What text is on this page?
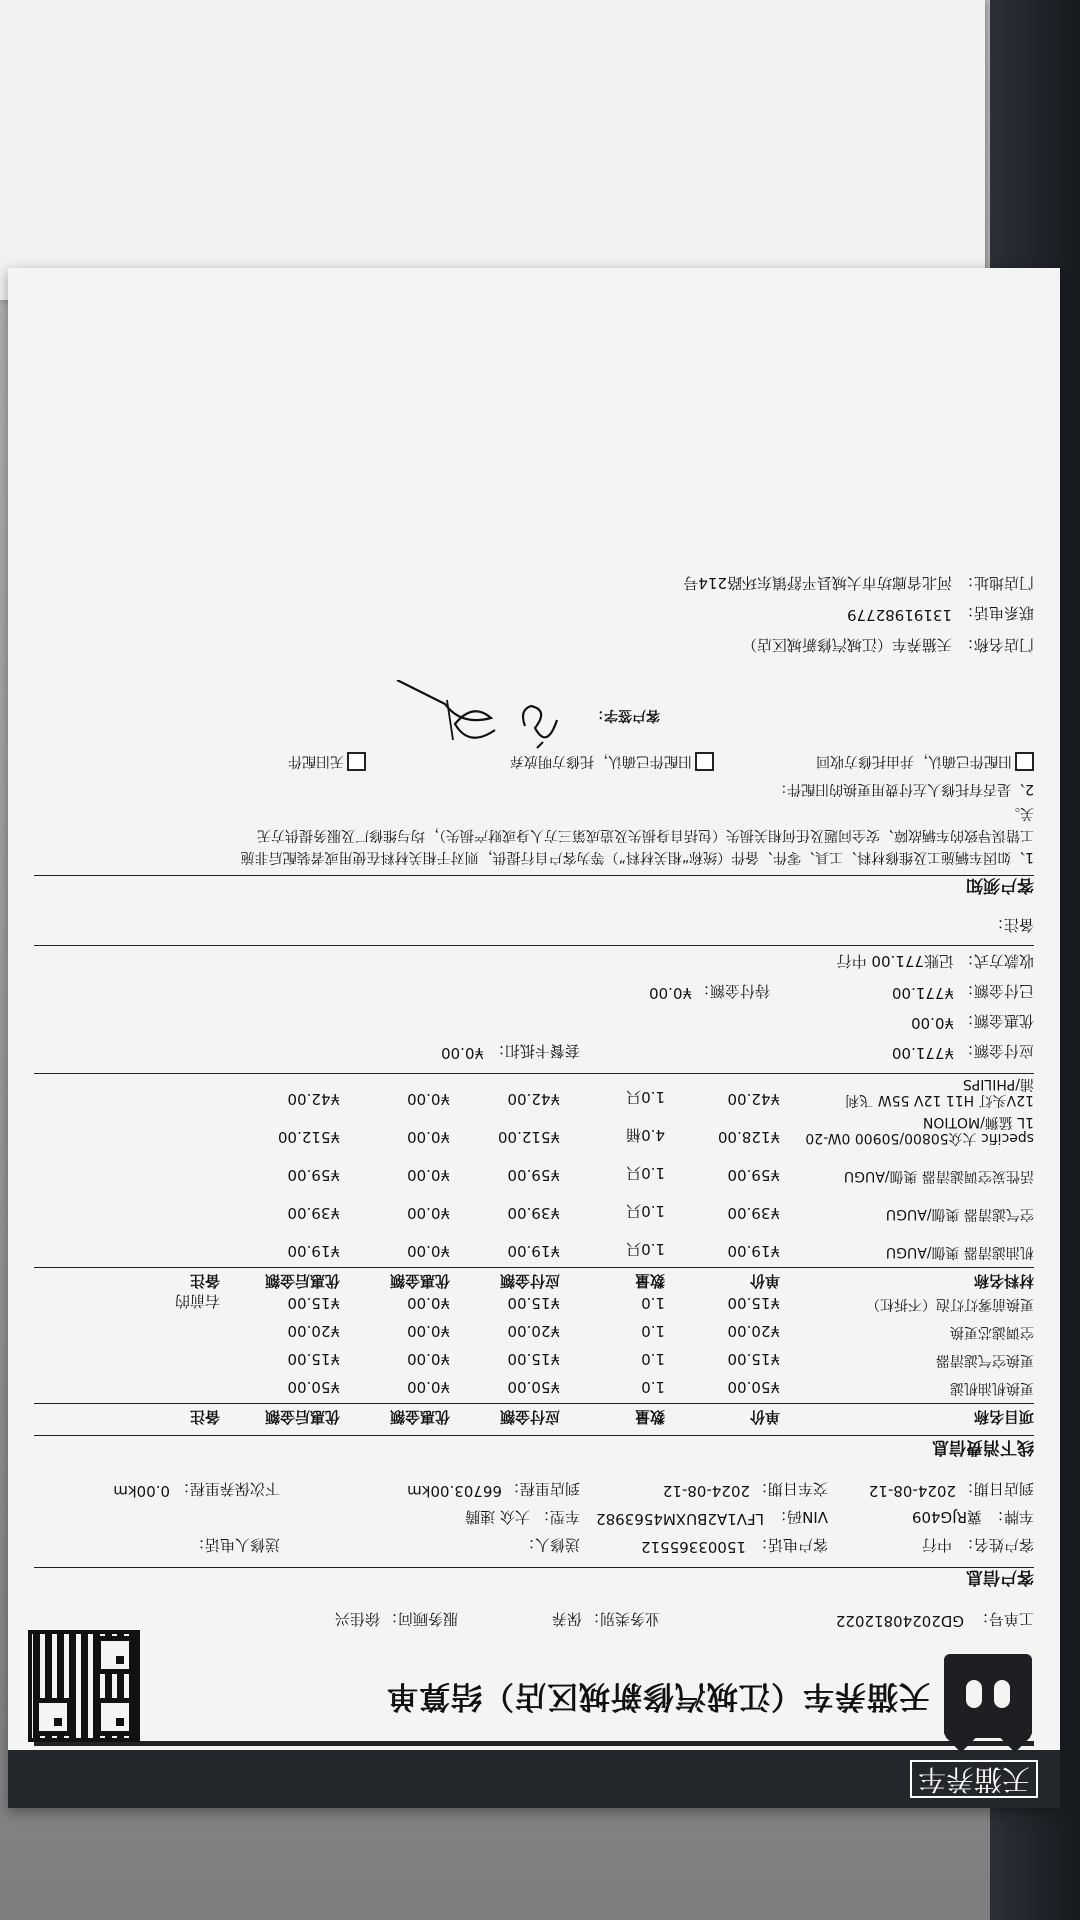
天猫养车
天猫养车（江城汽修新城区店）结算单
工单号：
GD20240812022
业务类别：
保养
服务顾问：
徐佳兴
客户信息
客户姓名：
中行
客户电话：
15003365512
送修人：
送修人电话：
车牌：
冀RJG409
VIN码：
LFV1A2BUXM4563982
车型：
大众 速腾
到店日期：
2024-08-12
交车日期：
2024-08-12
到店里程：
66703.00km
下次保养里程：
0.00km
线下消费信息
项目名称
单价
数量
应付金额
优惠金额
优惠后金额
备注
更换机油机滤
¥50.00
1.0
¥50.00
¥0.00
¥50.00
更换空气滤清器
¥15.00
1.0
¥15.00
¥0.00
¥15.00
空调滤芯更换
¥20.00
1.0
¥20.00
¥0.00
¥20.00
更换前雾灯灯泡（不拆杠）
¥15.00
1.0
¥15.00
¥0.00
¥15.00
右前的
材料名称
单价
数量
应付金额
优惠金额
优惠后金额
备注
机油滤清器 奥伽/AUGU
¥19.00
1.0只
¥19.00
¥0.00
¥19.00
空气滤清器 奥伽/AUGU
¥39.00
1.0只
¥39.00
¥0.00
¥39.00
活性炭空调滤清器 奥伽/AUGU
¥59.00
1.0只
¥59.00
¥0.00
¥59.00
specific 大众50800/50900 0W-20 1L 猛狮/MOTION
¥128.00
4.0桶
¥512.00
¥0.00
¥512.00
12V头灯 H11 12V 55W 飞利浦/PHILIPS
¥42.00
1.0只
¥42.00
¥0.00
¥42.00
应付金额：
¥771.00
套餐卡抵扣：
¥0.00
优惠金额：
¥0.00
已付金额：
¥771.00
待付金额：
¥0.00
收款方式：
记账771.00 中行
备注：
客户须知
1、如因车辆施工及维修材料、工具、零件、备件（统称“相关材料”）等为客户自行提供，则对于相关材料在使用或者装配后非施
工错误导致的车辆故障、安全问题及任何相关损失（包括自身损失及造成第三方人身或财产损失），均与维修厂及服务提供方无
关。
2、是否有托修人左付费用更换的旧配件：
旧配件已确认，并由托修方收回
旧配件已确认，托修方明放弃
无旧配件
客户签字：
门店名称：
天猫养车（江城汽修新城区店）
联系电话：
13191982779
门店地址：
河北省廊坊市大城县平舒镇东环路214号
